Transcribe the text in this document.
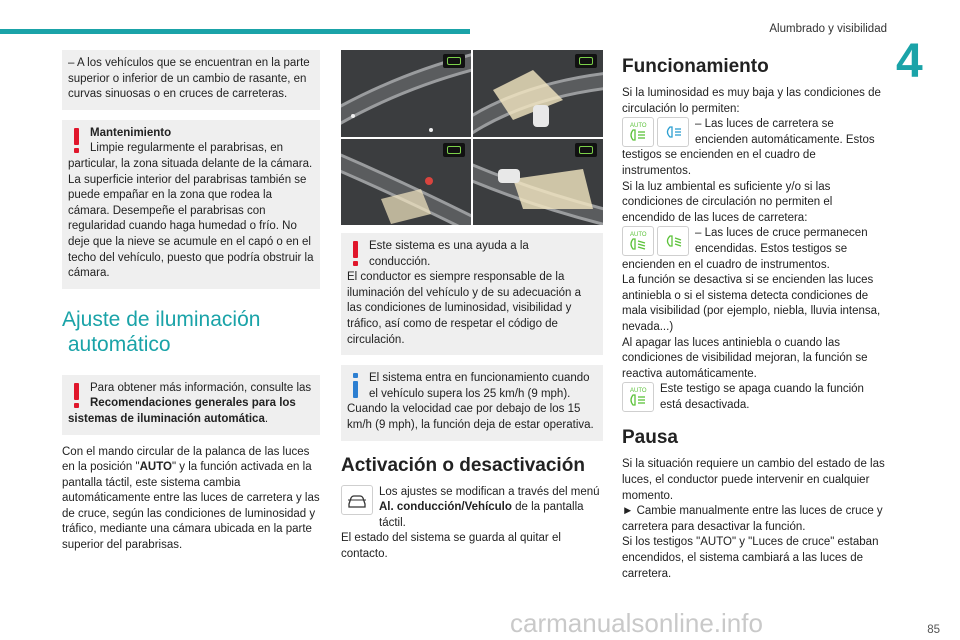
Alumbrado y visibilidad
4

– A los vehículos que se encuentran en la parte superior o inferior de un cambio de rasante, en curvas sinuosas o en cruces de carreteras.

Mantenimiento

Limpie regularmente el parabrisas, en

particular, la zona situada delante de la cámara. La superficie interior del parabrisas también se puede empañar en la zona que rodea la cámara. Desempeñe el parabrisas con regularidad cuando haga humedad o frío. No deje que la nieve se acumule en el capó o en el techo del vehículo, puesto que podría obstruir la cámara.

Ajuste de iluminación
automático

Para obtener más información, consulte las

Recomendaciones generales para los

sistemas de iluminación automática.

Con el mando circular de la palanca de las luces en la posición "AUTO" y la función activada en la pantalla táctil, este sistema cambia automáticamente entre las luces de carretera y las de cruce, según las condiciones de luminosidad y tráfico, mediante una cámara ubicada en la parte superior del parabrisas.

Este sistema es una ayuda a la

conducción.

El conductor es siempre responsable de la iluminación del vehículo y de su adecuación a las condiciones de luminosidad, visibilidad y tráfico, así como de respetar el código de circulación.

El sistema entra en funcionamiento cuando

el vehículo supera los 25 km/h (9 mph).

Cuando la velocidad cae por debajo de los 15 km/h (9 mph), la función deja de estar operativa.

Activación o desactivación

Los ajustes se modifican a través del menú
Al. conducción/Vehículo de la pantalla táctil.

El estado del sistema se guarda al quitar el contacto.

Funcionamiento

Si la luminosidad es muy baja y las condiciones de circulación lo permiten:

AUTO	– Las luces de carretera se
encienden automáticamente. Estos

testigos se encienden en el cuadro de instrumentos.

Si la luz ambiental es suficiente y/o si las condiciones de circulación no permiten el encendido de las luces de carretera:

AUTO	– Las luces de cruce permanecen
encendidas. Estos testigos se

encienden en el cuadro de instrumentos.

La función se desactiva si se encienden las luces antiniebla o si el sistema detecta condiciones de mala visibilidad (por ejemplo, niebla, lluvia intensa, nevada...)

Al apagar las luces antiniebla o cuando las condiciones de visibilidad mejoran, la función se reactiva automáticamente.

AUTO Este testigo se apaga cuando la función
está desactivada.

Pausa

Si la situación requiere un cambio del estado de las luces, el conductor puede intervenir en cualquier momento.

► Cambie manualmente entre las luces de cruce y carretera para desactivar la función.

Si los testigos "AUTO" y "Luces de cruce" estaban encendidos, el sistema cambiará a las luces de carretera.

85
carmanualsonline.info
